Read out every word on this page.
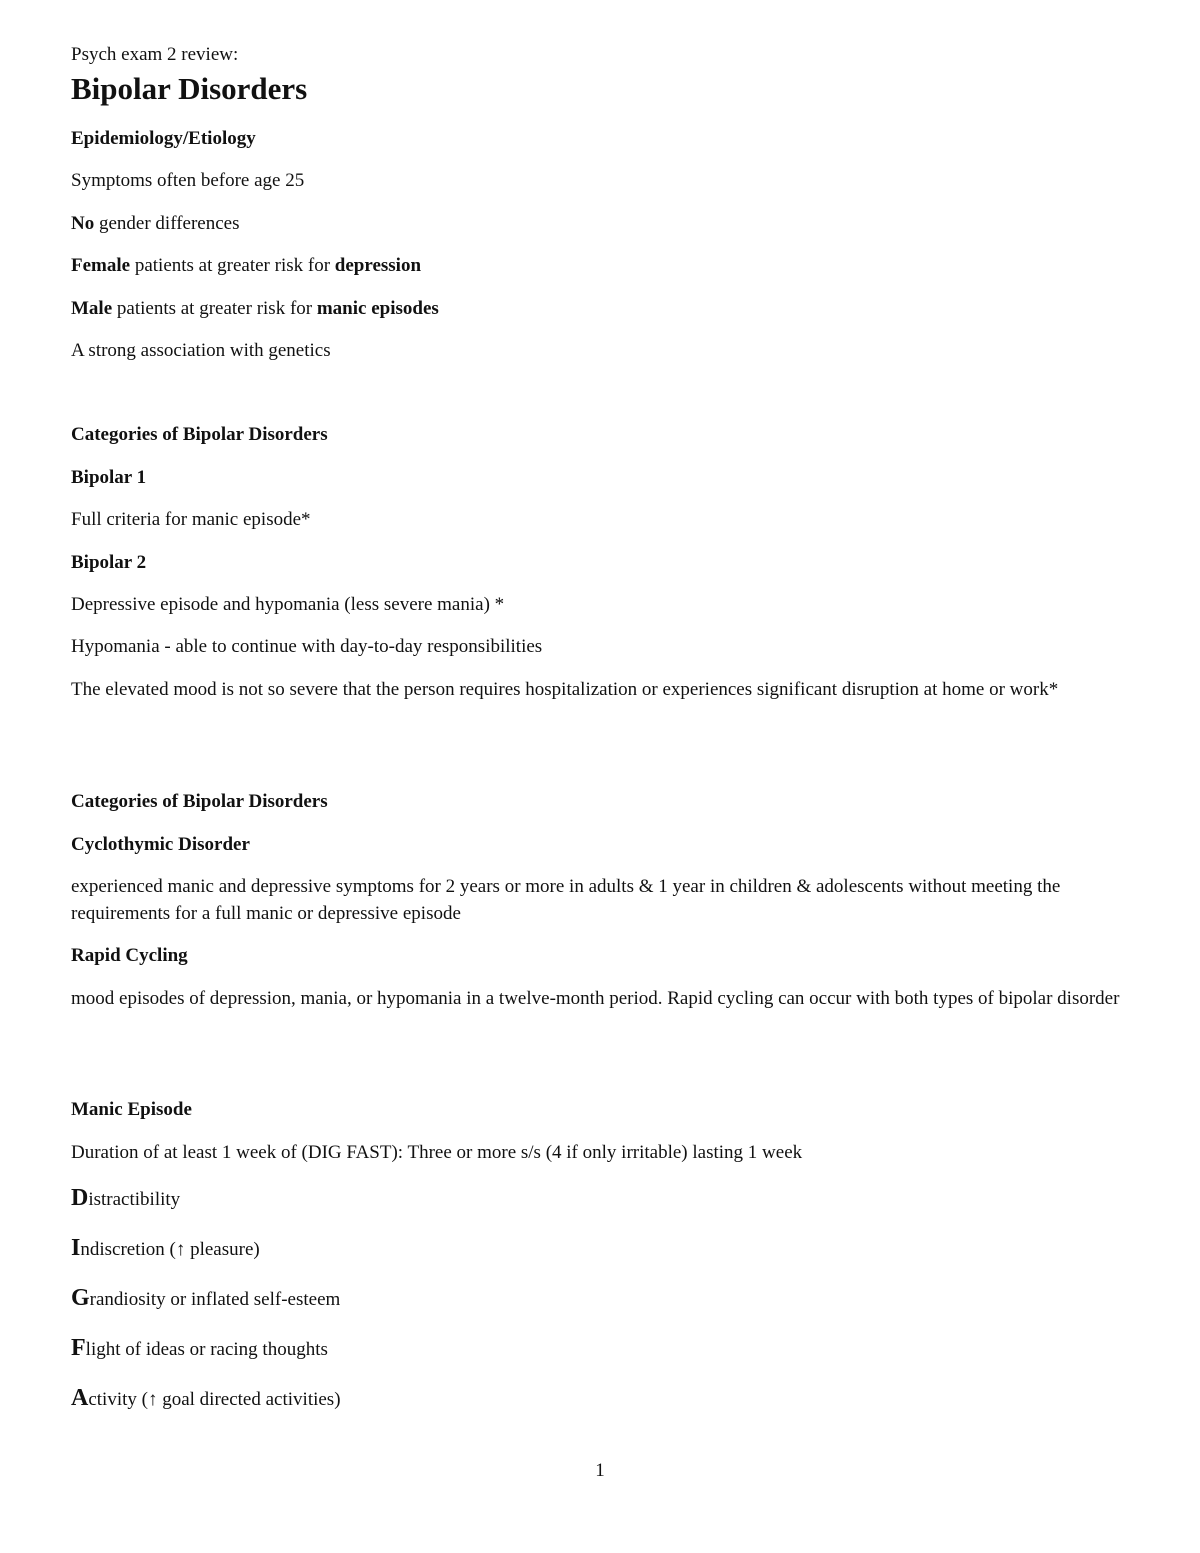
Psych exam 2 review:
Bipolar Disorders
Epidemiology/Etiology
Symptoms often before age 25
No gender differences
Female patients at greater risk for depression
Male patients at greater risk for manic episodes
A strong association with genetics
Categories of Bipolar Disorders
Bipolar 1
Full criteria for manic episode*
Bipolar 2
Depressive episode and hypomania (less severe mania) *
Hypomania - able to continue with day-to-day responsibilities
The elevated mood is not so severe that the person requires hospitalization or experiences significant disruption at home or work*
Categories of Bipolar Disorders
Cyclothymic Disorder
experienced manic and depressive symptoms for 2 years or more in adults & 1 year in children & adolescents without meeting the requirements for a full manic or depressive episode
Rapid Cycling
mood episodes of depression, mania, or hypomania in a twelve-month period. Rapid cycling can occur with both types of bipolar disorder
Manic Episode
Duration of at least 1 week of (DIG FAST): Three or more s/s (4 if only irritable) lasting 1 week
Distractibility
Indiscretion (↑ pleasure)
Grandiosity or inflated self-esteem
Flight of ideas or racing thoughts
Activity (↑ goal directed activities)
1
